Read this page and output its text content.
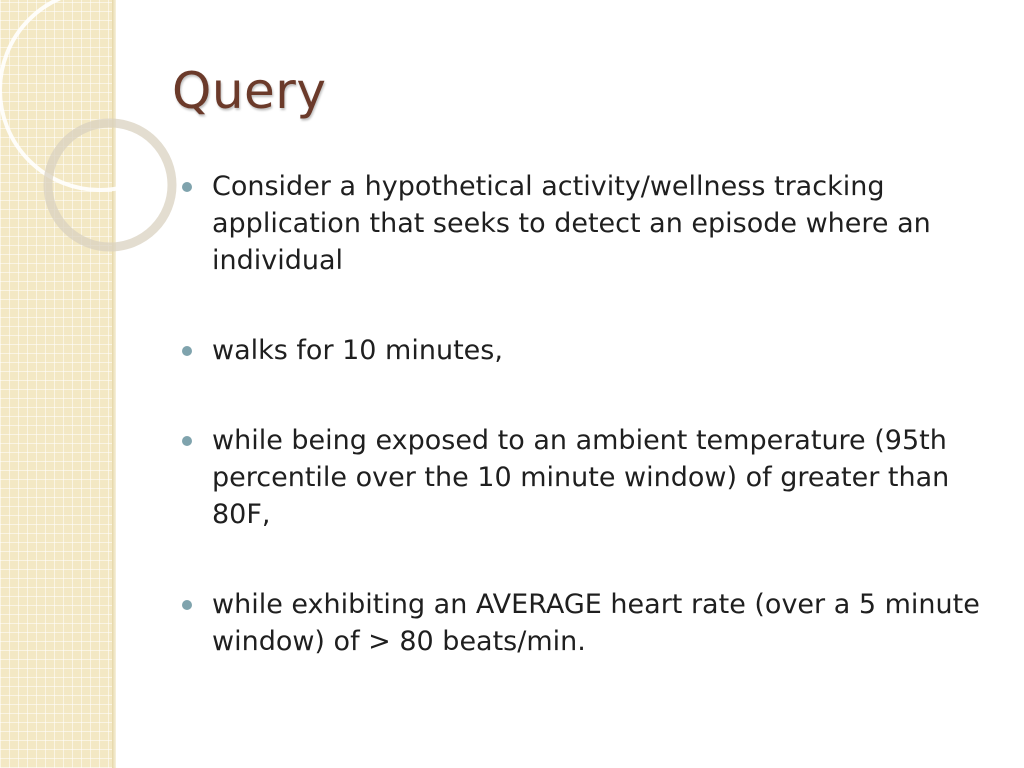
Query
Consider a hypothetical activity/wellness tracking application that seeks to detect an episode where an individual
walks for 10 minutes,
while being exposed to an ambient temperature (95th percentile over the 10 minute window) of greater than 80F,
while exhibiting an AVERAGE heart rate (over a 5 minute window) of > 80 beats/min.
